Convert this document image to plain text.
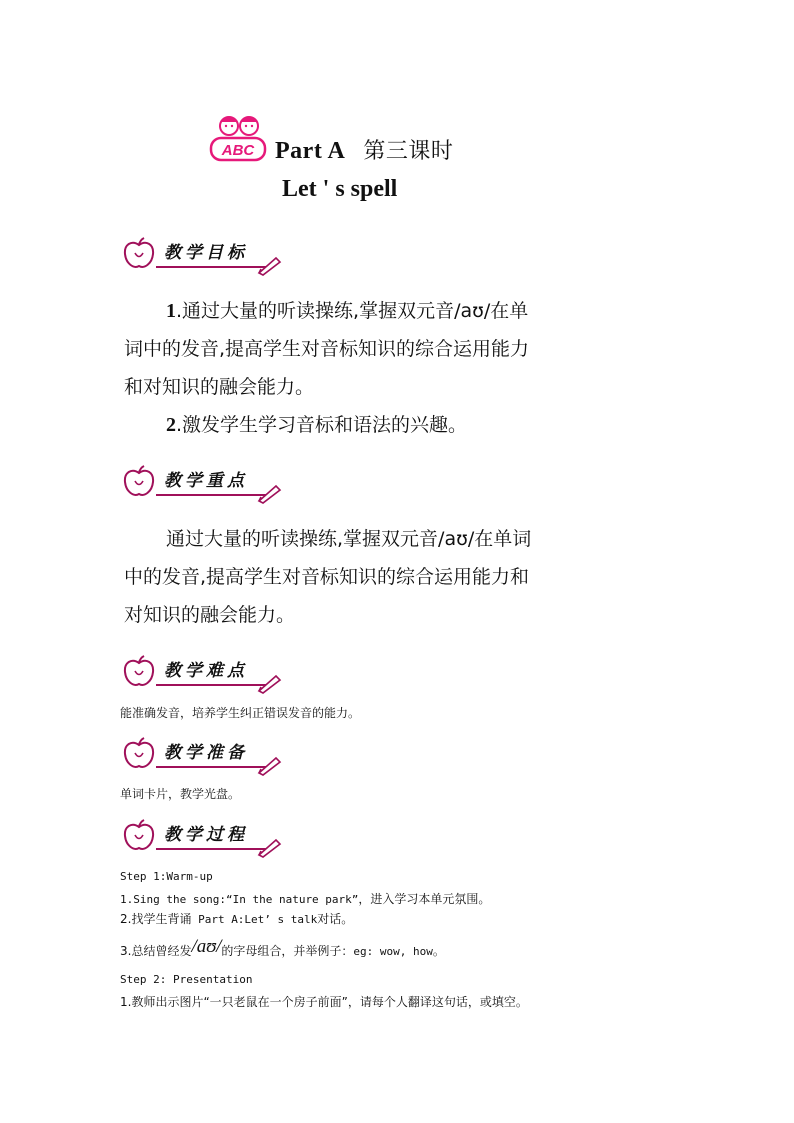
ABC Part A 第三课时
Let ' s spell
教学目标

1.通过大量的听读操练,掌握双元音/aʊ/在单

词中的发音,提高学生对音标知识的综合运用能力

和对知识的融会能力。

2.激发学生学习音标和语法的兴趣。

教学重点

通过大量的听读操练,掌握双元音/aʊ/在单词

中的发音,提高学生对音标知识的综合运用能力和

对知识的融会能力。

教学难点
能准确发音，培养学生纠正错误发音的能力。
教学准备
单词卡片，教学光盘。
教学过程
Step 1:Warm-up
1.Sing the song:“In the nature park”，进入学习本单元氛围。
2.找学生背诵 Part A:Let’ s talk对话。
3.总结曾经发/aʊ/的字母组合，并举例子：eg: wow, how。
Step 2: Presentation
1.教师出示图片“一只老鼠在一个房子前面”，请每个人翻译这句话，或填空。
